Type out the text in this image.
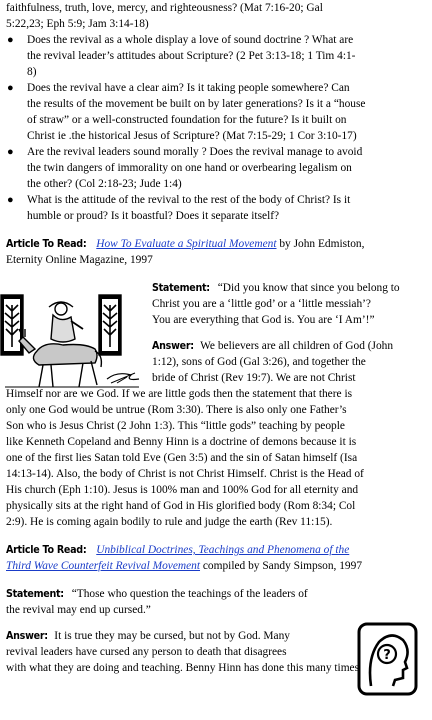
faithfulness, truth, love, mercy, and righteousness? (Mat 7:16-20; Gal

5:22,23; Eph 5:9; Jam 3:14-18)

● Does the revival as a whole display a love of sound doctrine ? What are

the revival leader’s attitudes about Scripture? (2 Pet 3:13-18; 1 Tim 4:1-

8)

● Does the revival have a clear aim? Is it taking people somewhere? Can

the results of the movement be built on by later generations? Is it a “house

of straw” or a well-constructed foundation for the future? Is it built on

Christ ie .the historical Jesus of Scripture? (Mat 7:15-29; 1 Cor 3:10-17)

● Are the revival leaders sound morally ? Does the revival manage to avoid

the twin dangers of immorality on one hand or overbearing legalism on

the other? (Col 2:18-23; Jude 1:4)

● What is the attitude of the revival to the rest of the body of Christ? Is it

humble or proud? Is it boastful? Does it separate itself?

Article To Read: How To Evaluate a Spiritual Movement by John Edmiston,

Eternity Online Magazine, 1997

Statement: “Did you know that since you belong to

Christ you are a ‘little god’ or a ‘little messiah’?

You are everything that God is. You are ‘I Am’!”

Answer: We believers are all children of God (John

1:12), sons of God (Gal 3:26), and together the

bride of Christ (Rev 19:7). We are not Christ

Himself nor are we God. If we are little gods then the statement that there is

only one God would be untrue (Rom 3:30). There is also only one Father’s

Son who is Jesus Christ (2 John 1:3). This “little gods” teaching by people

like Kenneth Copeland and Benny Hinn is a doctrine of demons because it is

one of the first lies Satan told Eve (Gen 3:5) and the sin of Satan himself (Isa

14:13-14). Also, the body of Christ is not Christ Himself. Christ is the Head of

His church (Eph 1:10). Jesus is 100% man and 100% God for all eternity and

physically sits at the right hand of God in His glorified body (Rom 8:34; Col

2:9). He is coming again bodily to rule and judge the earth (Rev 11:15).

Article To Read: Unbiblical Doctrines, Teachings and Phenomena of the

Third Wave Counterfeit Revival Movement compiled by Sandy Simpson, 1997

Statement: “Those who question the teachings of the leaders of

the revival may end up cursed.”

Answer: It is true they may be cursed, but not by God. Many

revival leaders have cursed any person to death that disagrees

with what they are doing and teaching. Benny Hinn has done this many times

?
